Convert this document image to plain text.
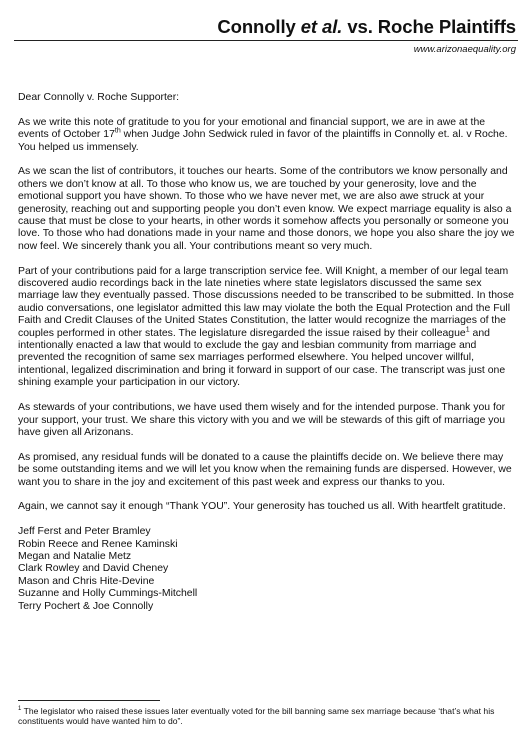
Connolly et al. vs. Roche Plaintiffs
www.arizonaequality.org

Dear Connolly v. Roche Supporter:

As we write this note of gratitude to you for your emotional and financial support, we are in awe at the events of October 17th when Judge John Sedwick ruled in favor of the plaintiffs in Connolly et. al. v Roche. You helped us immensely.

As we scan the list of contributors, it touches our hearts. Some of the contributors we know personally and others we don’t know at all. To those who know us, we are touched by your generosity, love and the emotional support you have shown. To those who we have never met, we are also awe struck at your generosity, reaching out and supporting people you don’t even know. We expect marriage equality is also a cause that must be close to your hearts, in other words it somehow affects you personally or someone you love. To those who had donations made in your name and those donors, we hope you also share the joy we now feel. We sincerely thank you all. Your contributions meant so very much.

Part of your contributions paid for a large transcription service fee. Will Knight, a member of our legal team discovered audio recordings back in the late nineties where state legislators discussed the same sex marriage law they eventually passed. Those discussions needed to be transcribed to be submitted. In those audio conversations, one legislator admitted this law may violate the both the Equal Protection and the Full Faith and Credit Clauses of the United States Constitution, the latter would recognize the marriages of the couples performed in other states. The legislature disregarded the issue raised by their colleague$^1$ and intentionally enacted a law that would to exclude the gay and lesbian community from marriage and prevented the recognition of same sex marriages performed elsewhere. You helped uncover willful, intentional, legalized discrimination and bring it forward in support of our case. The transcript was just one shining example your participation in our victory.

As stewards of your contributions, we have used them wisely and for the intended purpose. Thank you for your support, your trust. We share this victory with you and we will be stewards of this gift of marriage you have given all Arizonans.

As promised, any residual funds will be donated to a cause the plaintiffs decide on. We believe there may be some outstanding items and we will let you know when the remaining funds are dispersed. However, we want you to share in the joy and excitement of this past week and express our thanks to you.

Again, we cannot say it enough “Thank YOU”. Your generosity has touched us all. With heartfelt gratitude.

Jeff Ferst and Peter Bramley
Robin Reece and Renee Kaminski
Megan and Natalie Metz
Clark Rowley and David Cheney
Mason and Chris Hite-Devine
Suzanne and Holly Cummings-Mitchell
Terry Pochert & Joe Connolly
$^1$ The legislator who raised these issues later eventually voted for the bill banning same sex marriage because ‘that’s what his constituents would have wanted him to do”.
